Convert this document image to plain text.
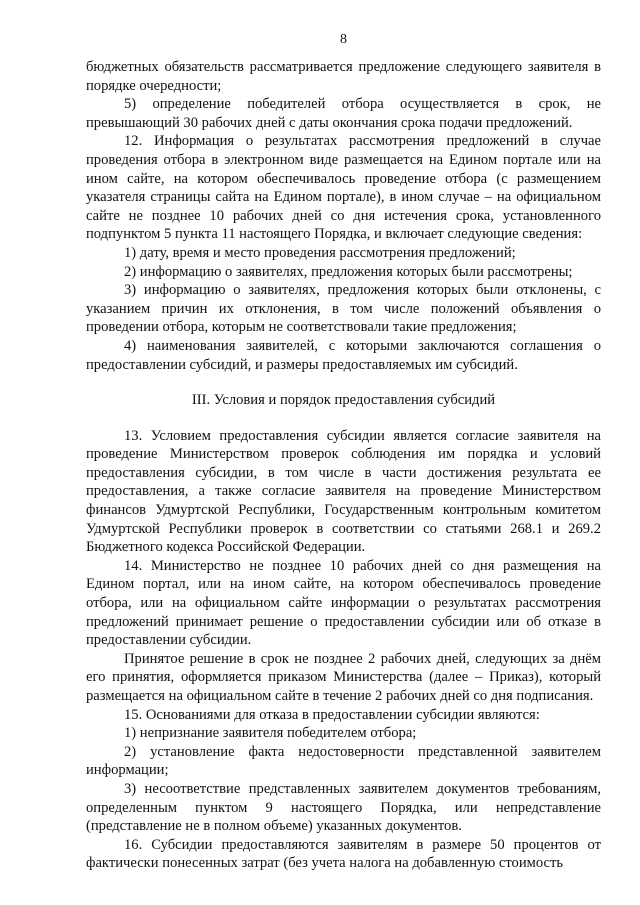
8

бюджетных обязательств рассматривается предложение следующего заявителя в порядке очередности;

5) определение победителей отбора осуществляется в срок, не превышающий 30 рабочих дней с даты окончания срока подачи предложений.

12. Информация о результатах рассмотрения предложений в случае проведения отбора в электронном виде размещается на Едином портале или на ином сайте, на котором обеспечивалось проведение отбора (с размещением указателя страницы сайта на Едином портале), в ином случае – на официальном сайте не позднее 10 рабочих дней со дня истечения срока, установленного подпунктом 5 пункта 11 настоящего Порядка, и включает следующие сведения:

1) дату, время и место проведения рассмотрения предложений;

2) информацию о заявителях, предложения которых были рассмотрены;

3) информацию о заявителях, предложения которых были отклонены, с указанием причин их отклонения, в том числе положений объявления о проведении отбора, которым не соответствовали такие предложения;

4) наименования заявителей, с которыми заключаются соглашения о предоставлении субсидий, и размеры предоставляемых им субсидий.

III. Условия и порядок предоставления субсидий

13. Условием предоставления субсидии является согласие заявителя на проведение Министерством проверок соблюдения им порядка и условий предоставления субсидии, в том числе в части достижения результата ее предоставления, а также согласие заявителя на проведение Министерством финансов Удмуртской Республики, Государственным контрольным комитетом Удмуртской Республики проверок в соответствии со статьями 268.1 и 269.2 Бюджетного кодекса Российской Федерации.

14. Министерство не позднее 10 рабочих дней со дня размещения на Едином портал, или на ином сайте, на котором обеспечивалось проведение отбора, или на официальном сайте информации о результатах рассмотрения предложений принимает решение о предоставлении субсидии или об отказе в предоставлении субсидии.

Принятое решение в срок не позднее 2 рабочих дней, следующих за днём его принятия, оформляется приказом Министерства (далее – Приказ), который размещается на официальном сайте в течение 2 рабочих дней со дня подписания.

15. Основаниями для отказа в предоставлении субсидии являются:

1) непризнание заявителя победителем отбора;

2) установление факта недостоверности представленной заявителем информации;

3) несоответствие представленных заявителем документов требованиям, определенным пунктом 9 настоящего Порядка, или непредставление (представление не в полном объеме) указанных документов.

16. Субсидии предоставляются заявителям в размере 50 процентов от фактически понесенных затрат (без учета налога на добавленную стоимость
